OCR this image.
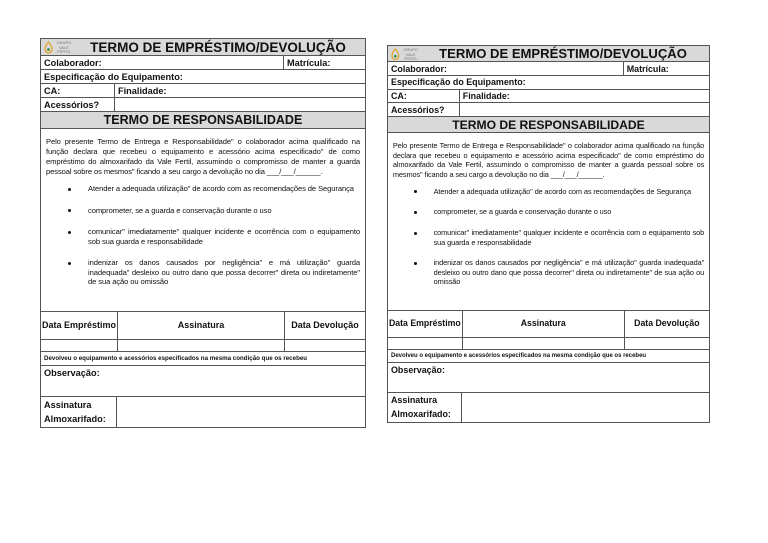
GRUPO VALE FERTIL TERMO DE EMPRÉSTIMO/DEVOLUÇÃO
Colaborador:	Matrícula:
Especificação do Equipamento:
CA:	Finalidade:
Acessórios?
TERMO DE RESPONSABILIDADE
Pelo presente Termo de Entrega e Responsabilidade" o colaborador acima qualificado na função declara que recebeu o equipamento e acessório acima especificado" de como empréstimo do almoxarifado da Vale Fertil, assumindo o compromisso de manter a guarda pessoal sobre os mesmos" ficando a seu cargo a devolução no dia ___/___/______.
Atender a adequada utilização" de acordo com as recomendações de Segurança
comprometer, se a guarda e conservação durante o uso
comunicar" imediatamente" qualquer incidente e ocorrência com o equipamento sob sua guarda e responsabilidade
indenizar os danos causados por negligência" e má utilização" guarda inadequada" desleixo ou outro dano que possa decorrer" direta ou indiretamente" de sua ação ou omissão
Data Empréstimo	Assinatura	Data Devolução
Devolveu o equipamento e acessórios especificados na mesma condição que os recebeu
Observação:
Assinatura Almoxarifado:
GRUPO VALE FERTIL TERMO DE EMPRÉSTIMO/DEVOLUÇÃO
Colaborador:	Matrícula:
Especificação do Equipamento:
CA:	Finalidade:
Acessórios?
TERMO DE RESPONSABILIDADE
Pelo presente Termo de Entrega e Responsabilidade" o colaborador acima qualificado na função declara que recebeu o equipamento e acessório acima especificado" de como empréstimo do almoxarifado da Vale Fertil, assumindo o compromisso de manter a guarda pessoal sobre os mesmos" ficando a seu cargo a devolução no dia ___/___/______.
Atender a adequada utilização" de acordo com as recomendações de Segurança
comprometer, se a guarda e conservação durante o uso
comunicar" imediatamente" qualquer incidente e ocorrência com o equipamento sob sua guarda e responsabilidade
indenizar os danos causados por negligência" e má utilização" guarda inadequada" desleixo ou outro dano que possa decorrer" direta ou indiretamente" de sua ação ou omissão
Data Empréstimo	Assinatura	Data Devolução
Devolveu o equipamento e acessórios especificados na mesma condição que os recebeu
Observação:
Assinatura Almoxarifado:
